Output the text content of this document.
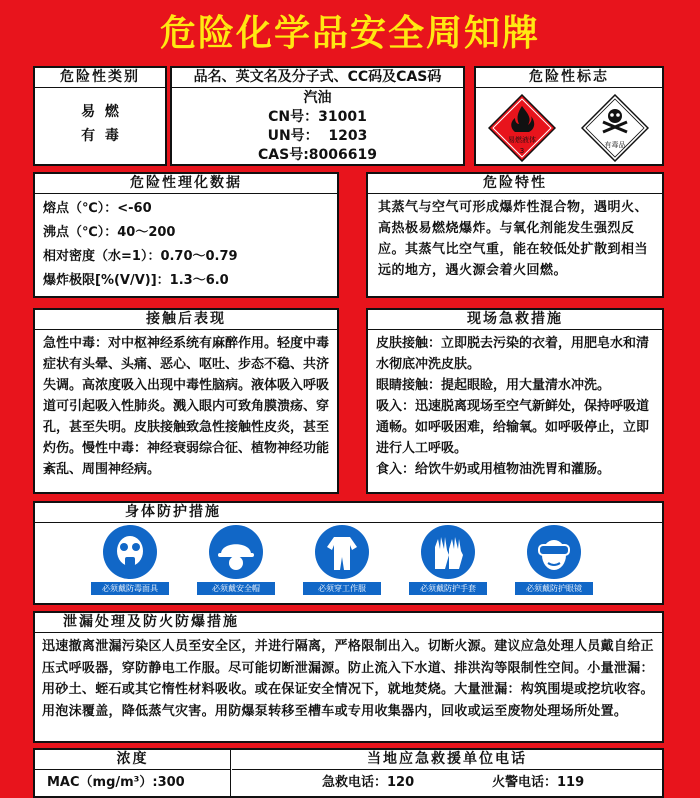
危险化学品安全周知牌
危险性类别
易  燃
有  毒
品名、英文名及分子式、CC码及CAS码
汽油
CN号：31001
UN号：  1203
CAS号:8006619
危险性标志
易燃液体
3
有毒品
危险性理化数据
熔点（℃）：<-60
沸点（℃）：40～200
相对密度（水=1）：0.70～0.79
爆炸极限[%(V/V)]：1.3～6.0
危险特性
其蒸气与空气可形成爆炸性混合物，遇明火、高热极易燃烧爆炸。与氧化剂能发生强烈反应。其蒸气比空气重，能在较低处扩散到相当远的地方，遇火源会着火回燃。
接触后表现
急性中毒：对中枢神经系统有麻醉作用。轻度中毒症状有头晕、头痛、恶心、呕吐、步态不稳、共济失调。高浓度吸入出现中毒性脑病。液体吸入呼吸道可引起吸入性肺炎。溅入眼内可致角膜溃疡、穿孔，甚至失明。皮肤接触致急性接触性皮炎，甚至灼伤。慢性中毒：神经衰弱综合征、植物神经功能紊乱、周围神经病。
现场急救措施
皮肤接触：立即脱去污染的衣着，用肥皂水和清水彻底冲洗皮肤。
眼睛接触：提起眼睑，用大量清水冲洗。
吸入：迅速脱离现场至空气新鲜处，保持呼吸道通畅。如呼吸困难，给输氧。如呼吸停止，立即进行人工呼吸。
食入：给饮牛奶或用植物油洗胃和灌肠。
身体防护措施
必须戴防毒面具	必须戴安全帽	必须穿工作服	必须戴防护手套	必须戴防护眼镜
泄漏处理及防火防爆措施
迅速撤离泄漏污染区人员至安全区，并进行隔离，严格限制出入。切断火源。建议应急处理人员戴自给正压式呼吸器，穿防静电工作服。尽可能切断泄漏源。防止流入下水道、排洪沟等限制性空间。小量泄漏：用砂土、蛭石或其它惰性材料吸收。或在保证安全情况下，就地焚烧。大量泄漏：构筑围堤或挖坑收容。用泡沫覆盖，降低蒸气灾害。用防爆泵转移至槽车或专用收集器内，回收或运至废物处理场所处置。
浓度
MAC（mg/m³）:300
当地应急救援单位电话
急救电话：120	火警电话：119
